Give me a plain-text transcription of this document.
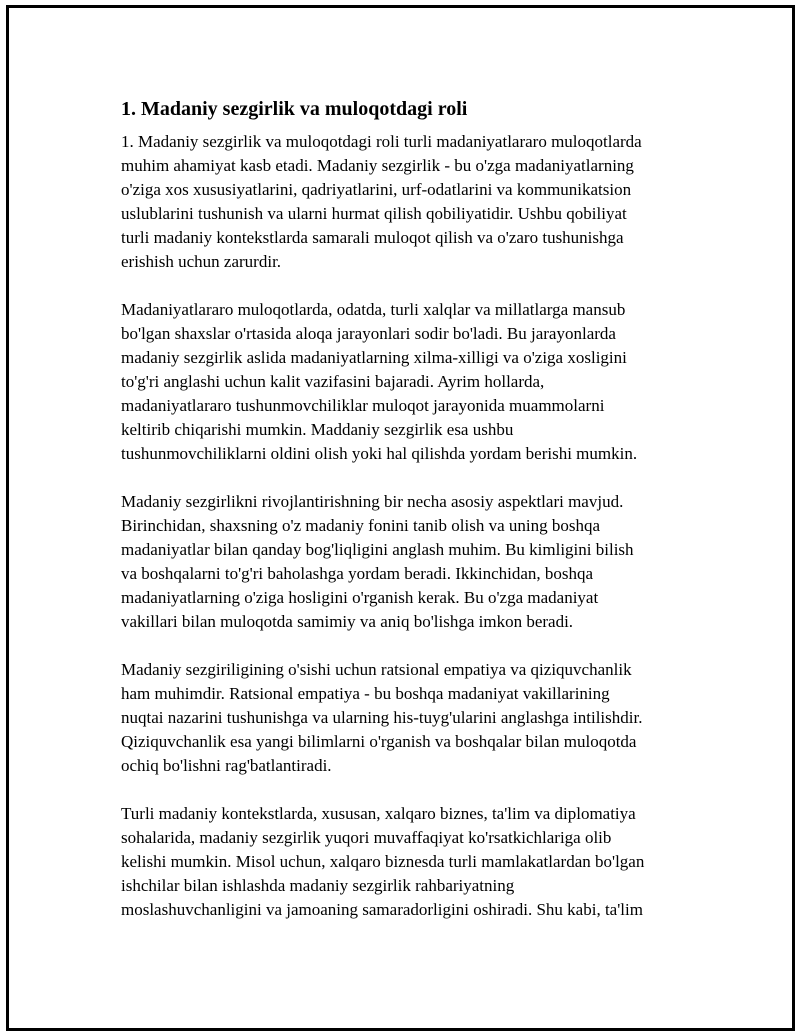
1. Madaniy sezgirlik va muloqotdagi roli
1. Madaniy sezgirlik va muloqotdagi roli turli madaniyatlararo muloqotlarda
muhim ahamiyat kasb etadi. Madaniy sezgirlik - bu o'zga madaniyatlarning
o'ziga xos xususiyatlarini, qadriyatlarini, urf-odatlarini va kommunikatsion
uslublarini tushunish va ularni hurmat qilish qobiliyatidir. Ushbu qobiliyat
turli madaniy kontekstlarda samarali muloqot qilish va o'zaro tushunishga
erishish uchun zarurdir.
Madaniyatlararo muloqotlarda, odatda, turli xalqlar va millatlarga mansub
bo'lgan shaxslar o'rtasida aloqa jarayonlari sodir bo'ladi. Bu jarayonlarda
madaniy sezgirlik aslida madaniyatlarning xilma-xilligi va o'ziga xosligini
to'g'ri anglashi uchun kalit vazifasini bajaradi. Ayrim hollarda,
madaniyatlararo tushunmovchiliklar muloqot jarayonida muammolarni
keltirib chiqarishi mumkin. Maddaniy sezgirlik esa ushbu
tushunmovchiliklarni oldini olish yoki hal qilishda yordam berishi mumkin.
Madaniy sezgirlikni rivojlantirishning bir necha asosiy aspektlari mavjud.
Birinchidan, shaxsning o'z madaniy fonini tanib olish va uning boshqa
madaniyatlar bilan qanday bog'liqligini anglash muhim. Bu kimligini bilish
va boshqalarni to'g'ri baholashga yordam beradi. Ikkinchidan, boshqa
madaniyatlarning o'ziga hosligini o'rganish kerak. Bu o'zga madaniyat
vakillari bilan muloqotda samimiy va aniq bo'lishga imkon beradi.
Madaniy sezgiriligining o'sishi uchun ratsional empatiya va qiziquvchanlik
ham muhimdir. Ratsional empatiya - bu boshqa madaniyat vakillarining
nuqtai nazarini tushunishga va ularning his-tuyg'ularini anglashga intilishdir.
Qiziquvchanlik esa yangi bilimlarni o'rganish va boshqalar bilan muloqotda
ochiq bo'lishni rag'batlantiradi.
Turli madaniy kontekstlarda, xususan, xalqaro biznes, ta'lim va diplomatiya
sohalarida, madaniy sezgirlik yuqori muvaffaqiyat ko'rsatkichlariga olib
kelishi mumkin. Misol uchun, xalqaro biznesda turli mamlakatlardan bo'lgan
ishchilar bilan ishlashda madaniy sezgirlik rahbariyatning
moslashuvchanligini va jamoaning samaradorligini oshiradi. Shu kabi, ta'lim
